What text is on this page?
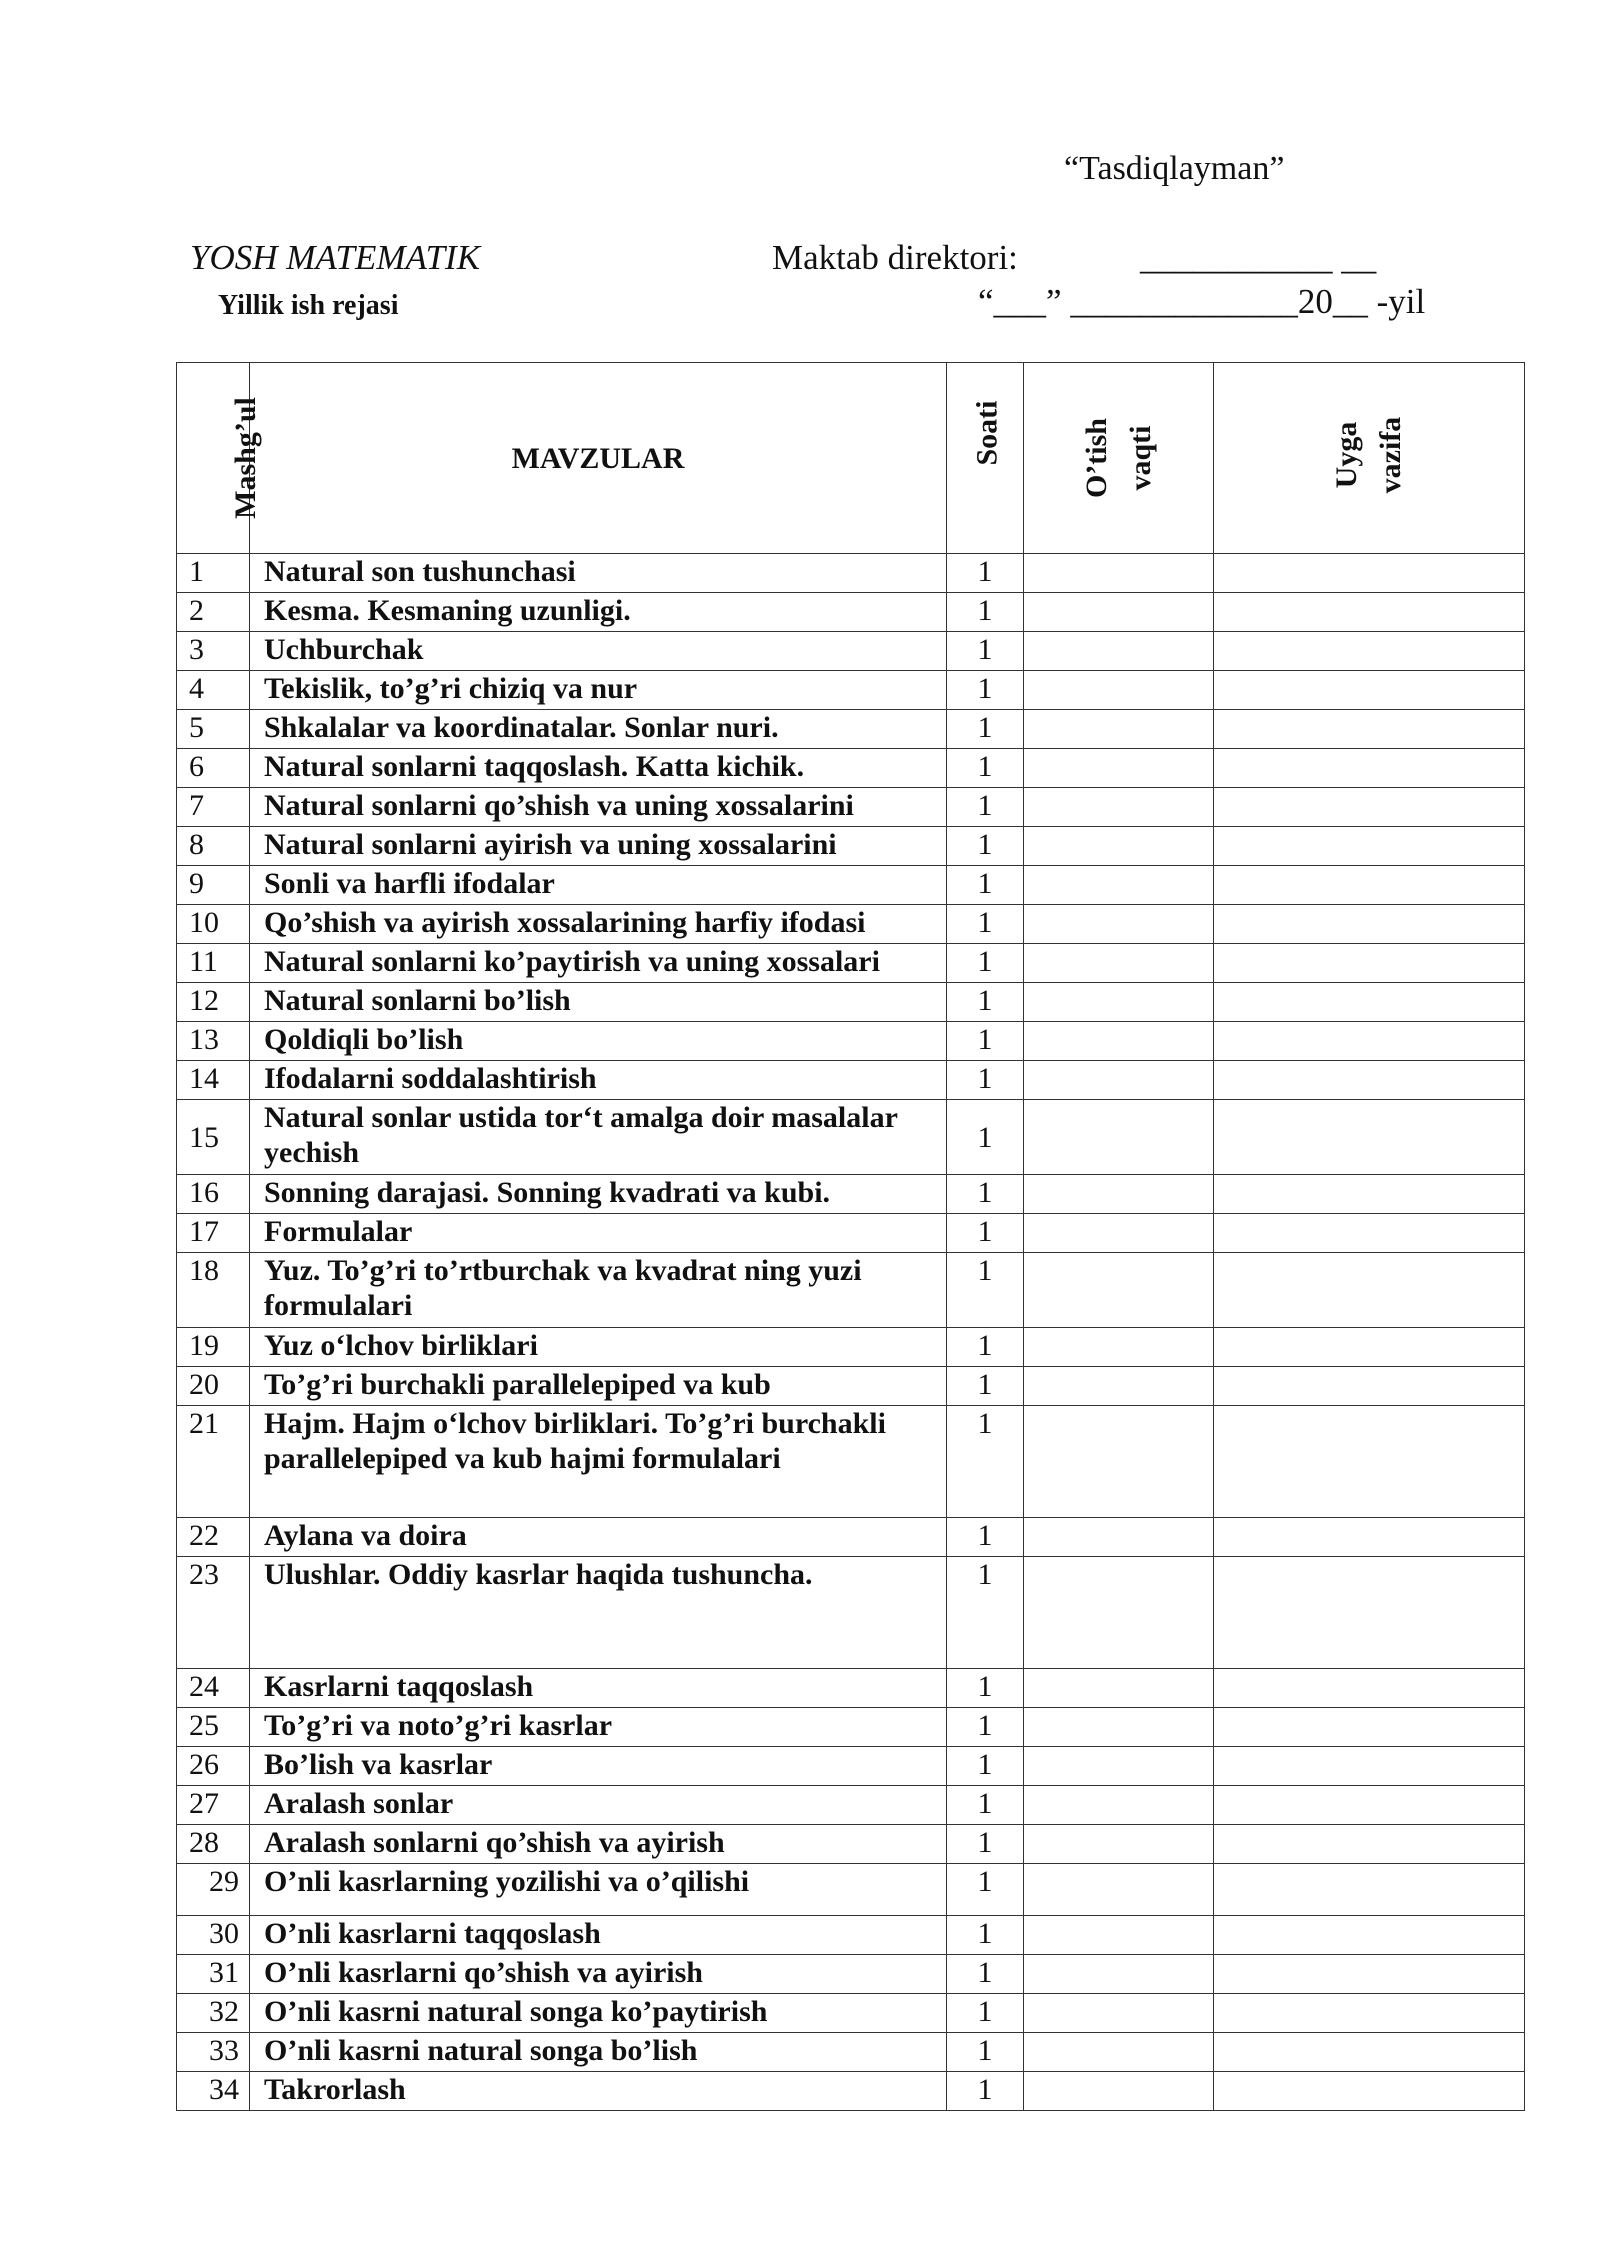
“Tasdiqlayman”
YOSH MATEMATIK	Maktab direktori:	___________ __
Yillik ish rejasi	“___” _____________20__ -yil
Mashg’ul	MAVZULAR	Soati	O’tish vaqti	Uyga vazifa
1	Natural son tushunchasi	1		
2	Kesma. Kesmaning uzunligi.	1		
3	Uchburchak	1		
4	Tekislik, to’g’ri chiziq va nur	1		
5	Shkalalar va koordinatalar. Sonlar nuri.	1		
6	Natural sonlarni taqqoslash. Katta kichik.	1		
7	Natural sonlarni qo’shish va uning xossalarini	1		
8	Natural sonlarni ayirish va uning xossalarini	1		
9	Sonli va harfli ifodalar	1		
10	Qo’shish va ayirish xossalarining harfiy ifodasi	1		
11	Natural sonlarni ko’paytirish va uning xossalari	1		
12	Natural sonlarni bo’lish	1		
13	Qoldiqli bo’lish	1		
14	Ifodalarni soddalashtirish	1		
15	Natural sonlar ustida tor‘t amalga doir masalalar yechish	1		
16	Sonning darajasi. Sonning kvadrati va kubi.	1		
17	Formulalar	1		
18	Yuz. To’g’ri to’rtburchak va kvadrat ning yuzi formulalari	1		
19	Yuz o‘lchov birliklari	1		
20	To’g’ri burchakli parallelepiped va kub	1		
21	Hajm. Hajm o‘lchov birliklari. To’g’ri burchakli parallelepiped va kub hajmi formulalari	1		
22	Aylana va doira	1		
23	Ulushlar. Oddiy kasrlar haqida tushuncha.	1		
24	Kasrlarni taqqoslash	1		
25	To’g’ri va noto’g’ri kasrlar	1		
26	Bo’lish va kasrlar	1		
27	Aralash sonlar	1		
28	Aralash sonlarni qo’shish va ayirish	1		
29	O’nli kasrlarning yozilishi va o’qilishi	1		
30	O’nli kasrlarni taqqoslash	1		
31	O’nli kasrlarni qo’shish va ayirish	1		
32	O’nli kasrni natural songa ko’paytirish	1		
33	O’nli kasrni natural songa bo’lish	1		
34	Takrorlash	1		
